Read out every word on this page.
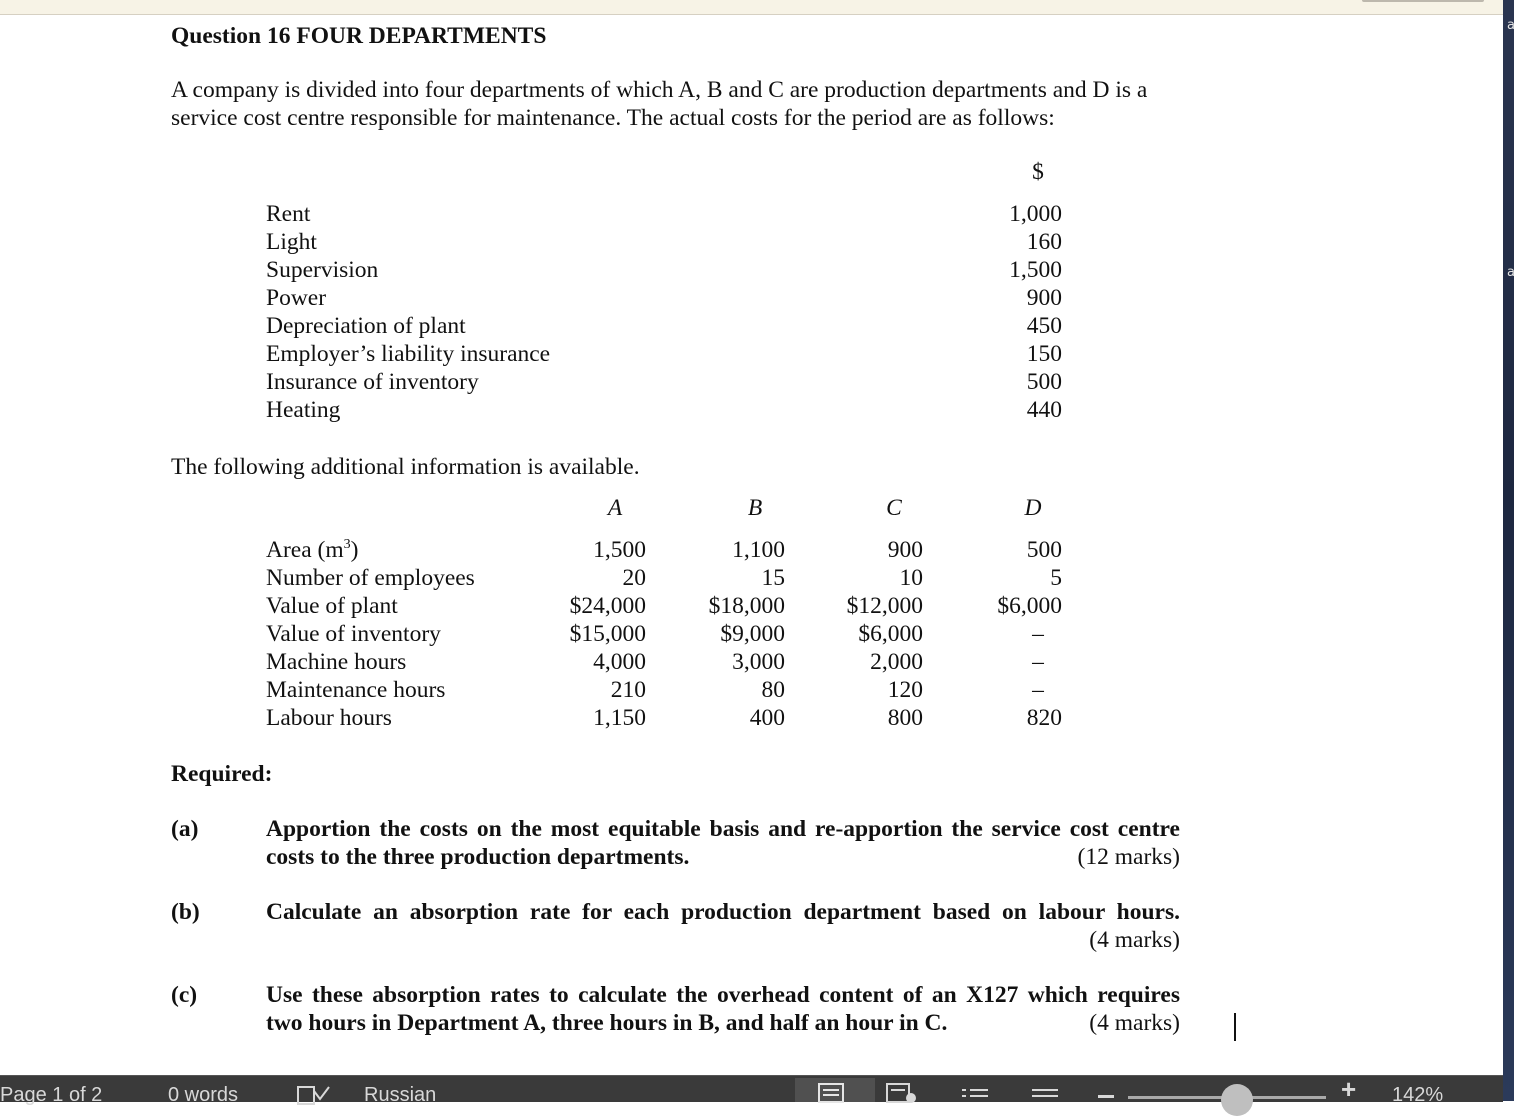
a
a
Question 16 FOUR DEPARTMENTS
A company is divided into four departments of which A, B and C are production departments and D is a
service cost centre responsible for maintenance. The actual costs for the period are as follows:
$
Rent	1,000
Light	160
Supervision	1,500
Power	900
Depreciation of plant	450
Employer’s liability insurance	150
Insurance of inventory	500
Heating	440
The following additional information is available.
A	B	C	D
Area $(m^3)$	1,500	1,100	900	500
Number of employees	20	15	10	5
Value of plant	$24,000	$18,000	$12,000	$6,000
Value of inventory	$15,000	$9,000	$6,000	–
Machine hours	4,000	3,000	2,000	–
Maintenance hours	210	80	120	–
Labour hours	1,150	400	800	820
Required:
(a)	Apportion the costs on the most equitable basis and re-apportion the service cost centre
costs to the three production departments.	(12 marks)
(b)	Calculate an absorption rate for each production department based on labour hours.
(4 marks)
(c)	Use these absorption rates to calculate the overhead content of an X127 which requires
two hours in Department A, three hours in B, and half an hour in C.	(4 marks)
Page 1 of 2	0 words	Russian	+ 142%
